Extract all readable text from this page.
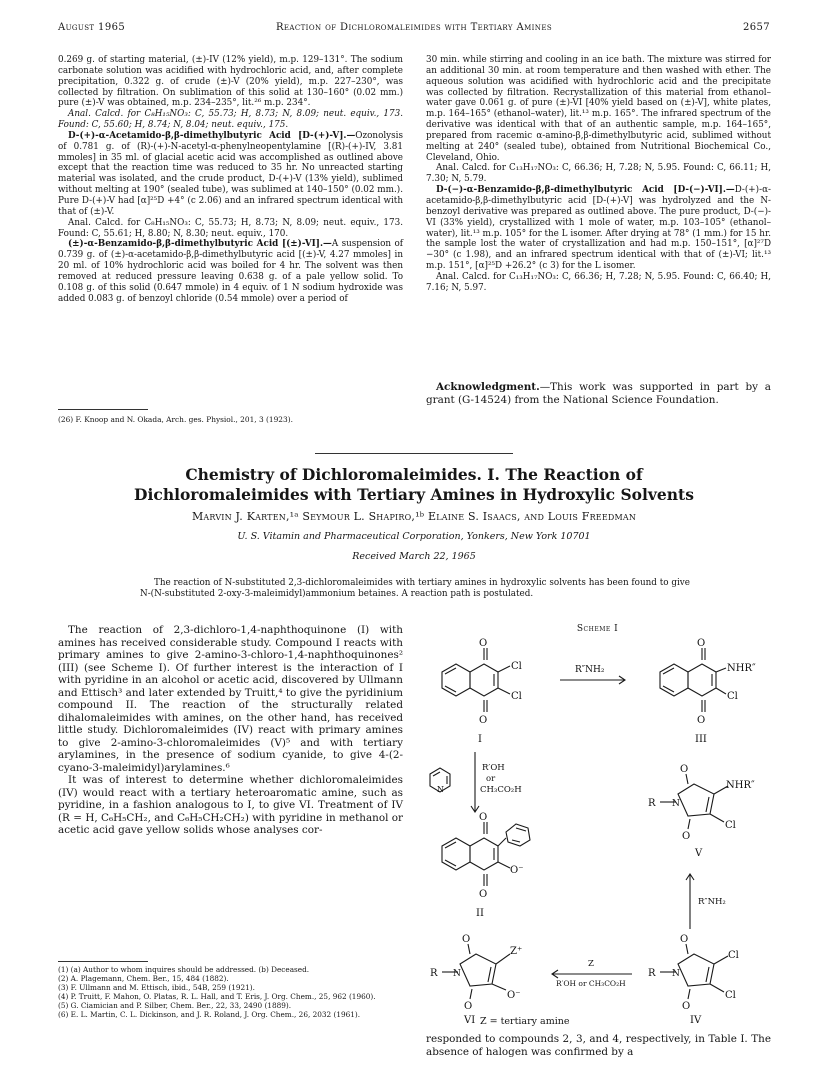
August 1965	Reaction of Dichloromaleimides with Tertiary Amines	2657

0.269 g. of starting material, (±)-IV (12% yield), m.p. 129–131°. The sodium carbonate solution was acidified with hydrochloric acid, and, after complete precipitation, 0.322 g. of crude (±)-V (20% yield), m.p. 227–230°, was collected by filtration. On sublimation of this solid at 130–160° (0.02 mm.) pure (±)-V was obtained, m.p. 234–235°, lit.²⁶ m.p. 234°.

Anal. Calcd. for C₈H₁₅NO₃: C, 55.73; H, 8.73; N, 8.09; neut. equiv., 173. Found: C, 55.60; H, 8.74; N, 8.04; neut. equiv., 175.

D-(+)-α-Acetamido-β,β-dimethylbutyric Acid [D-(+)-V].—Ozonolysis of 0.781 g. of (R)-(+)-N-acetyl-α-phenylneopentylamine [(R)-(+)-IV, 3.81 mmoles] in 35 ml. of glacial acetic acid was accomplished as outlined above except that the reaction time was reduced to 35 hr. No unreacted starting material was isolated, and the crude product, D-(+)-V (13% yield), sublimed without melting at 190° (sealed tube), was sublimed at 140–150° (0.02 mm.). Pure D-(+)-V had [α]²⁵D +4° (c 2.06) and an infrared spectrum identical with that of (±)-V.

Anal. Calcd. for C₈H₁₅NO₃: C, 55.73; H, 8.73; N, 8.09; neut. equiv., 173. Found: C, 55.61; H, 8.80; N, 8.30; neut. equiv., 170.

(±)-α-Benzamido-β,β-dimethylbutyric Acid [(±)-VI].—A suspension of 0.739 g. of (±)-α-acetamido-β,β-dimethylbutyric acid [(±)-V, 4.27 mmoles] in 20 ml. of 10% hydrochloric acid was boiled for 4 hr. The solvent was then removed at reduced pressure leaving 0.638 g. of a pale yellow solid. To 0.108 g. of this solid (0.647 mmole) in 4 equiv. of 1 N sodium hydroxide was added 0.083 g. of benzoyl chloride (0.54 mmole) over a period of

(26) F. Knoop and N. Okada, Arch. ges. Physiol., 201, 3 (1923).

30 min. while stirring and cooling in an ice bath. The mixture was stirred for an additional 30 min. at room temperature and then washed with ether. The aqueous solution was acidified with hydrochloric acid and the precipitate was collected by filtration. Recrystallization of this material from ethanol–water gave 0.061 g. of pure (±)-VI [40% yield based on (±)-V], white plates, m.p. 164–165° (ethanol–water), lit.¹³ m.p. 165°. The infrared spectrum of the derivative was identical with that of an authentic sample, m.p. 164–165°, prepared from racemic α-amino-β,β-dimethylbutyric acid, sublimed without melting at 240° (sealed tube), obtained from Nutritional Biochemical Co., Cleveland, Ohio.

Anal. Calcd. for C₁₃H₁₇NO₃: C, 66.36; H, 7.28; N, 5.95. Found: C, 66.11; H, 7.30; N, 5.79.

D-(−)-α-Benzamido-β,β-dimethylbutyric Acid [D-(−)-VI].—D-(+)-α-acetamido-β,β-dimethylbutyric acid [D-(+)-V] was hydrolyzed and the N-benzoyl derivative was prepared as outlined above. The pure product, D-(−)-VI (33% yield), crystallized with 1 mole of water, m.p. 103–105° (ethanol–water), lit.¹³ m.p. 105° for the L isomer. After drying at 78° (1 mm.) for 15 hr. the sample lost the water of crystallization and had m.p. 150–151°, [α]²⁷D −30° (c 1.98), and an infrared spectrum identical with that of (±)-VI; lit.¹³ m.p. 151°, [α]²⁵D +26.2° (c 3) for the L isomer.

Anal. Calcd. for C₁₃H₁₇NO₃: C, 66.36; H, 7.28; N, 5.95. Found: C, 66.40; H, 7.16; N, 5.97.

Acknowledgment.—This work was supported in part by a grant (G-14524) from the National Science Foundation.
Chemistry of Dichloromaleimides. I. The Reaction of
Dichloromaleimides with Tertiary Amines in Hydroxylic Solvents
Marvin J. Karten,¹ᵃ Seymour L. Shapiro,¹ᵇ Elaine S. Isaacs, and Louis Freedman
U. S. Vitamin and Pharmaceutical Corporation, Yonkers, New York 10701
Received March 22, 1965
The reaction of N-substituted 2,3-dichloromaleimides with tertiary amines in hydroxylic solvents has been found to give N-(N-substituted 2-oxy-3-maleimidyl)ammonium betaines. A reaction path is postulated.

The reaction of 2,3-dichloro-1,4-naphthoquinone (I) with amines has received considerable study. Compound I reacts with primary amines to give 2-amino-3-chloro-1,4-naphthoquinones² (III) (see Scheme I). Of further interest is the interaction of I with pyridine in an alcohol or acetic acid, discovered by Ullmann and Ettisch³ and later extended by Truitt,⁴ to give the pyridinium compound II. The reaction of the structurally related dihalomaleimides with amines, on the other hand, has received little study. Dichloromaleimides (IV) react with primary amines to give 2-amino-3-chloromaleimides (V)⁵ and with tertiary arylamines, in the presence of sodium cyanide, to give 4-(2-cyano-3-maleimidyl)arylamines.⁶

It was of interest to determine whether dichloromaleimides (IV) would react with a tertiary heteroaromatic amine, such as pyridine, in a fashion analogous to I, to give VI. Treatment of IV (R = H, C₆H₅CH₂, and C₆H₅CH₂CH₂) with pyridine in methanol or acetic acid gave yellow solids whose analyses cor-

(1) (a) Author to whom inquires should be addressed. (b) Deceased.

(2) A. Plagemann, Chem. Ber., 15, 484 (1882).

(3) F. Ullmann and M. Ettisch, ibid., 54B, 259 (1921).

(4) P. Truitt, F. Mahon, O. Platas, R. L. Hall, and T. Eris, J. Org. Chem., 25, 962 (1960).

(5) G. Ciamician and P. Silber, Chem. Ber., 22, 33, 2490 (1889).

(6) E. L. Martin, C. L. Dickinson, and J. R. Roland, J. Org. Chem., 26, 2032 (1961).

Scheme I
O
O
Cl
Cl
I
R″NH₂
O
O
NHR″
Cl
III
N
R′OH
or
CH₃CO₂H
O
O
R N
NHR″
Cl
V
O
O
O⁻
II
R″NH₂
O
O
R N
Z⁺
O⁻
VI
Z
R′OH or CH₃CO₂H
O
O
R N
Cl
Cl
IV
Z = tertiary amine
responded to compounds 2, 3, and 4, respectively, in Table I. The absence of halogen was confirmed by a
